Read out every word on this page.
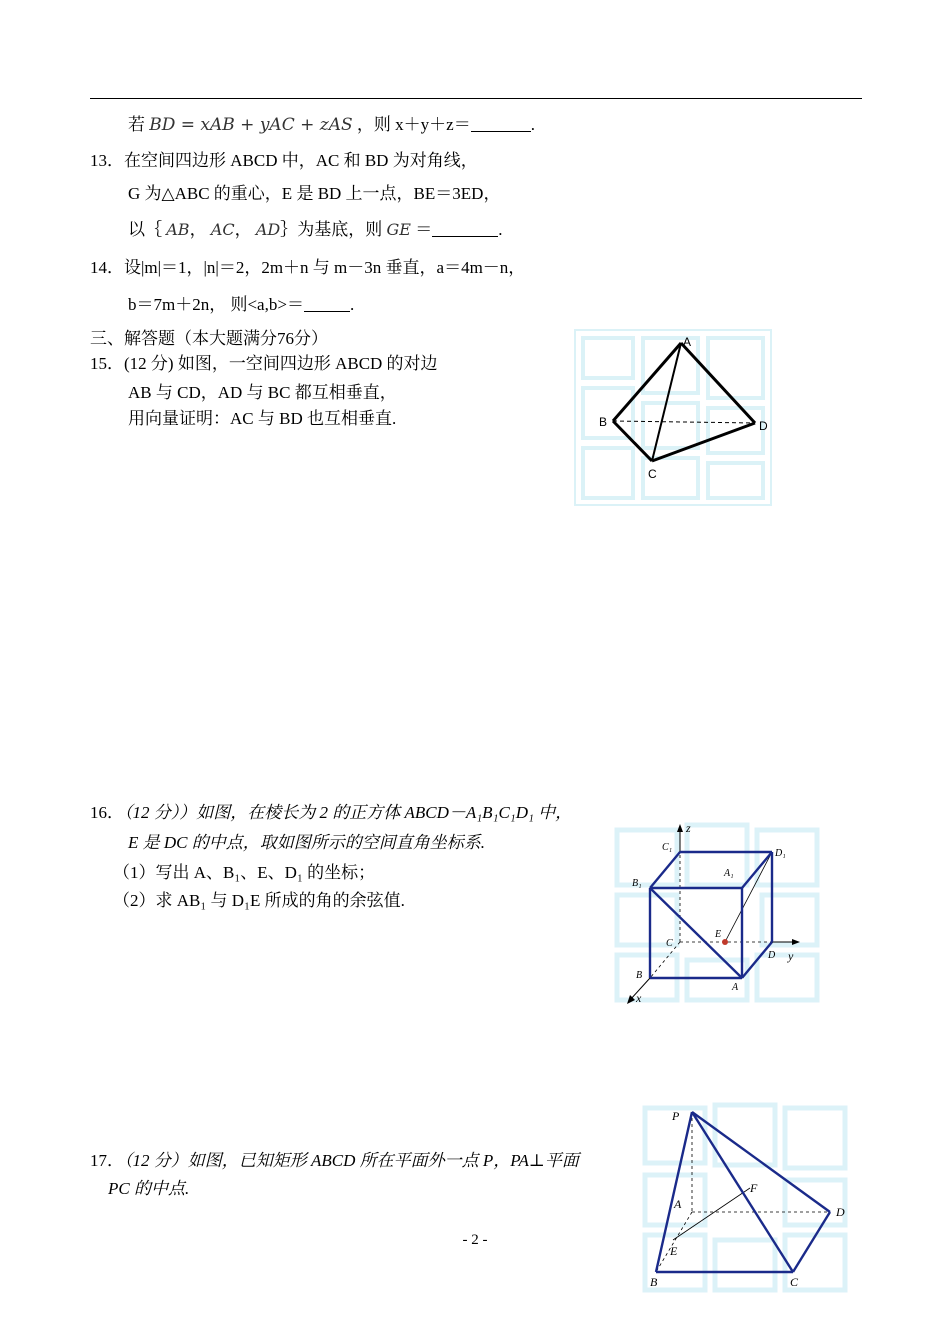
若 BD = xAB + yAC + zAS ，则 x＋y＋z＝	.
13．在空间四边形 ABCD 中，AC 和 BD 为对角线，
G 为△ABC 的重心，E 是 BD 上一点，BE＝3ED，
以｛ AB， AC， AD｝为基底，则 GE ＝	.
14．设|m|＝1，|n|＝2，2m＋n 与 m－3n 垂直，a＝4m－n，
b＝7m＋2n， 则<a,b>＝	.
三、解答题（本大题满分76分）
15．(12 分) 如图，一空间四边形 ABCD 的对边
AB 与 CD，AD 与 BC 都互相垂直，
用向量证明：AC 与 BD 也互相垂直.
A
B
C
D
16．（12 分））如图，在棱长为 2 的正方体 ABCD－A₁B₁C₁D₁ 中，
E 是 DC 的中点，取如图所示的空间直角坐标系.
（1）写出 A、B₁、E、D₁ 的坐标；
（2）求 AB₁ 与 D₁E 所成的角的余弦值.
z
y
x
C₁
D₁
A₁
B₁
C
E
D
B
A
17．（12 分）如图，已知矩形 ABCD 所在平面外一点 P，PA⊥平面
PC 的中点.
P
A
F
D
E
B	C
- 2 -
